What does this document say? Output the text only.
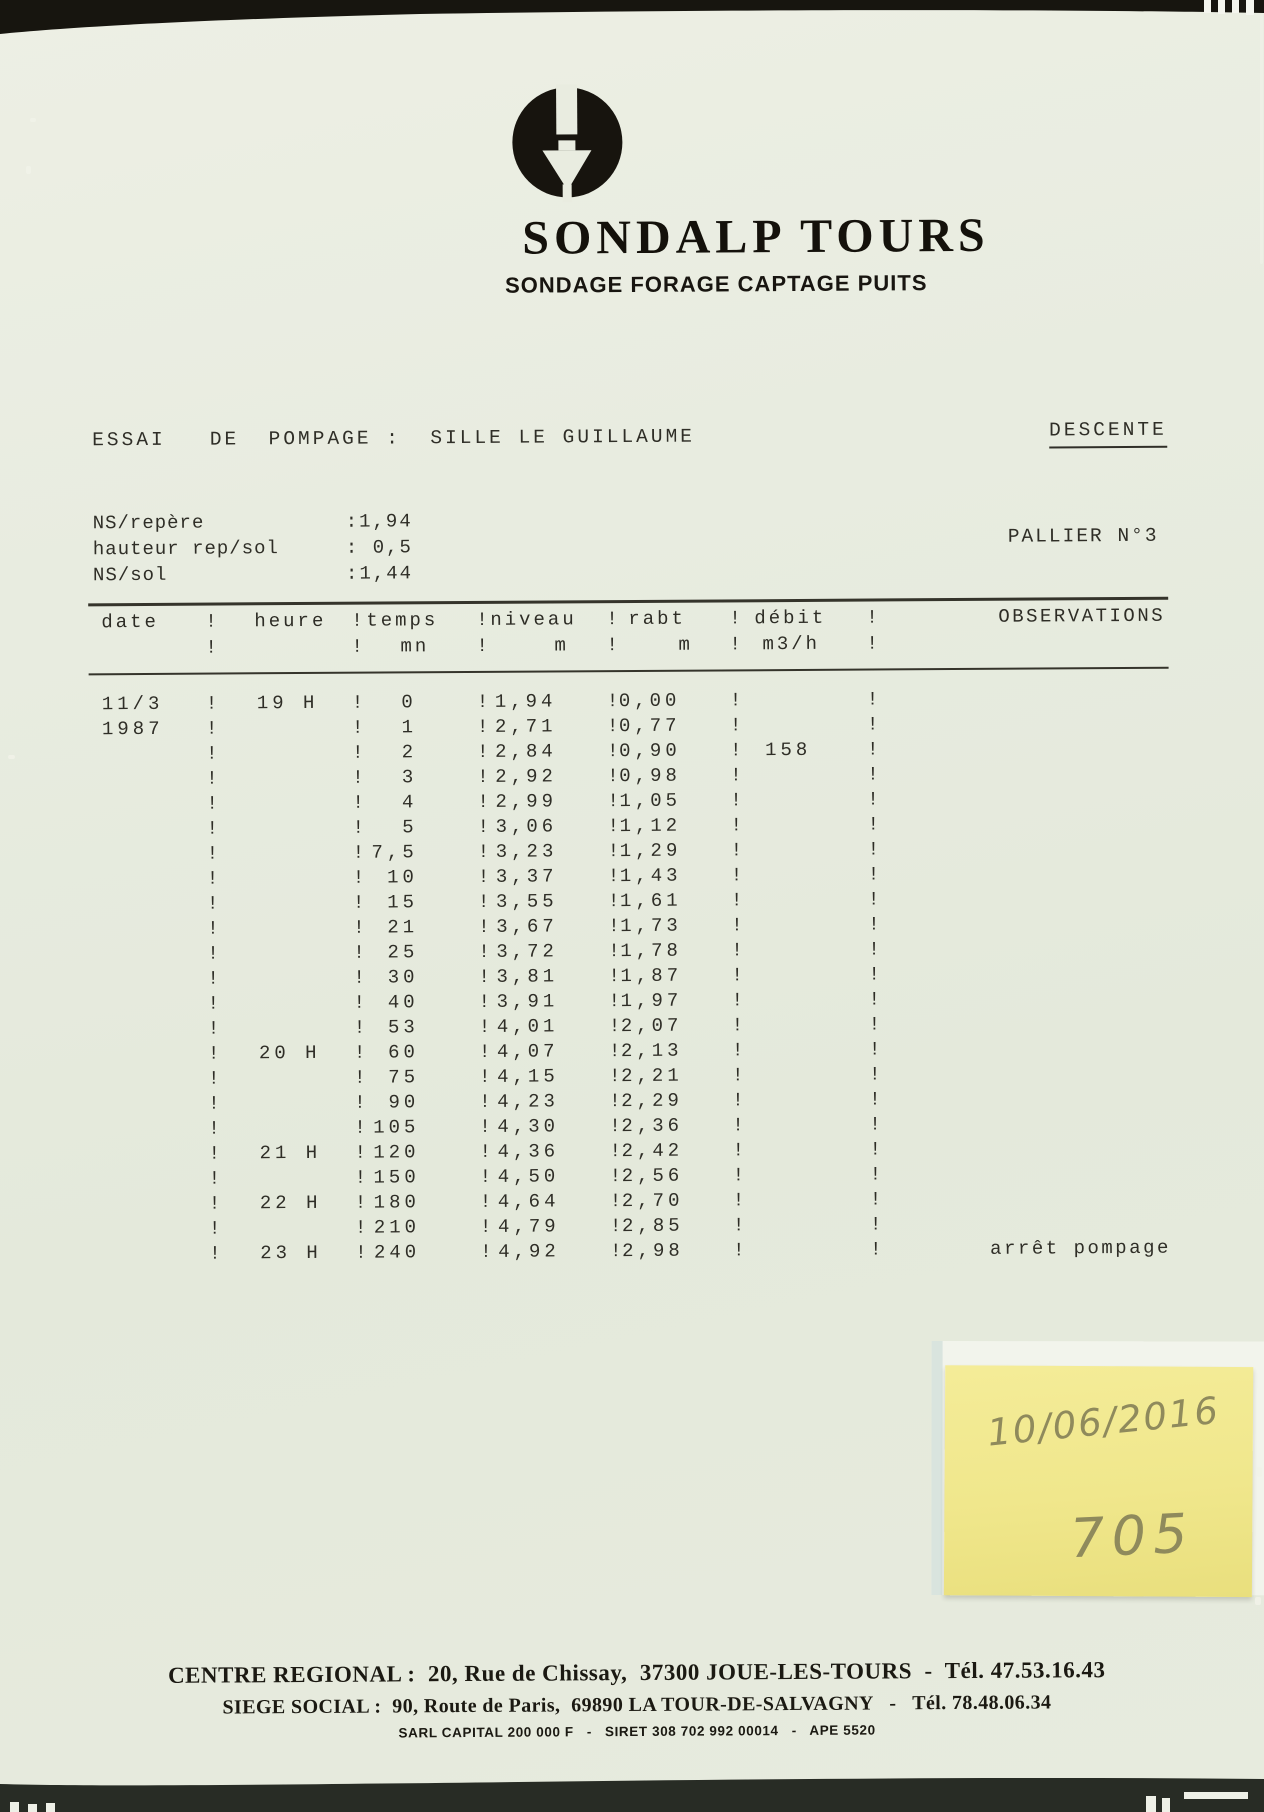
SONDALP TOURS
SONDAGE FORAGE CAPTAGE PUITS
ESSAI   DE  POMPAGE :  SILLE LE GUILLAUME	DESCENTE
NS/repère	:1,94
hauteur rep/sol	: 0,5
NS/sol	:1,44
PALLIER N°3
date ! heure ! temps ! niveau ! rabt ! débit !	OBSERVATIONS
!	! mn !	m !	m ! m3/h !
11/3 ! 19 H !	0	! 1,94	! 0,00	!	!
1987 !	!	1	! 2,71	! 0,77	!	!
!	!	2	! 2,84	! 0,90	! 158	!
!	!	3	! 2,92	! 0,98	!	!
!	!	4	! 2,99	! 1,05	!	!
!	!	5	! 3,06	! 1,12	!	!
!	! 7,5	! 3,23	! 1,29	!	!
!	!	10	! 3,37	! 1,43	!	!
!	!	15	! 3,55	! 1,61	!	!
!	!	21	! 3,67	! 1,73	!	!
!	!	25	! 3,72	! 1,78	!	!
!	!	30	! 3,81	! 1,87	!	!
!	!	40	! 3,91	! 1,97	!	!
!	!	53	! 4,01	! 2,07	!	!
! 20 H !	60	! 4,07	! 2,13	!	!
!	!	75	! 4,15	! 2,21	!	!
!	!	90	! 4,23	! 2,29	!	!
!	! 105	! 4,30	! 2,36	!	!
! 21 H ! 120	! 4,36	! 2,42	!	!
!	! 150	! 4,50	! 2,56	!	!
! 22 H ! 180	! 4,64	! 2,70	!	!
!	! 210	! 4,79	! 2,85	!	!
! 23 H ! 240	! 4,92	! 2,98	!	!	arrêt pompage
10/06/2016
705
CENTRE REGIONAL :  20, Rue de Chissay,  37300 JOUE-LES-TOURS  -  Tél. 47.53.16.43
SIEGE SOCIAL :  90, Route de Paris,  69890 LA TOUR-DE-SALVAGNY   -   Tél. 78.48.06.34
SARL CAPITAL 200 000 F   -   SIRET 308 702 992 00014   -   APE 5520
